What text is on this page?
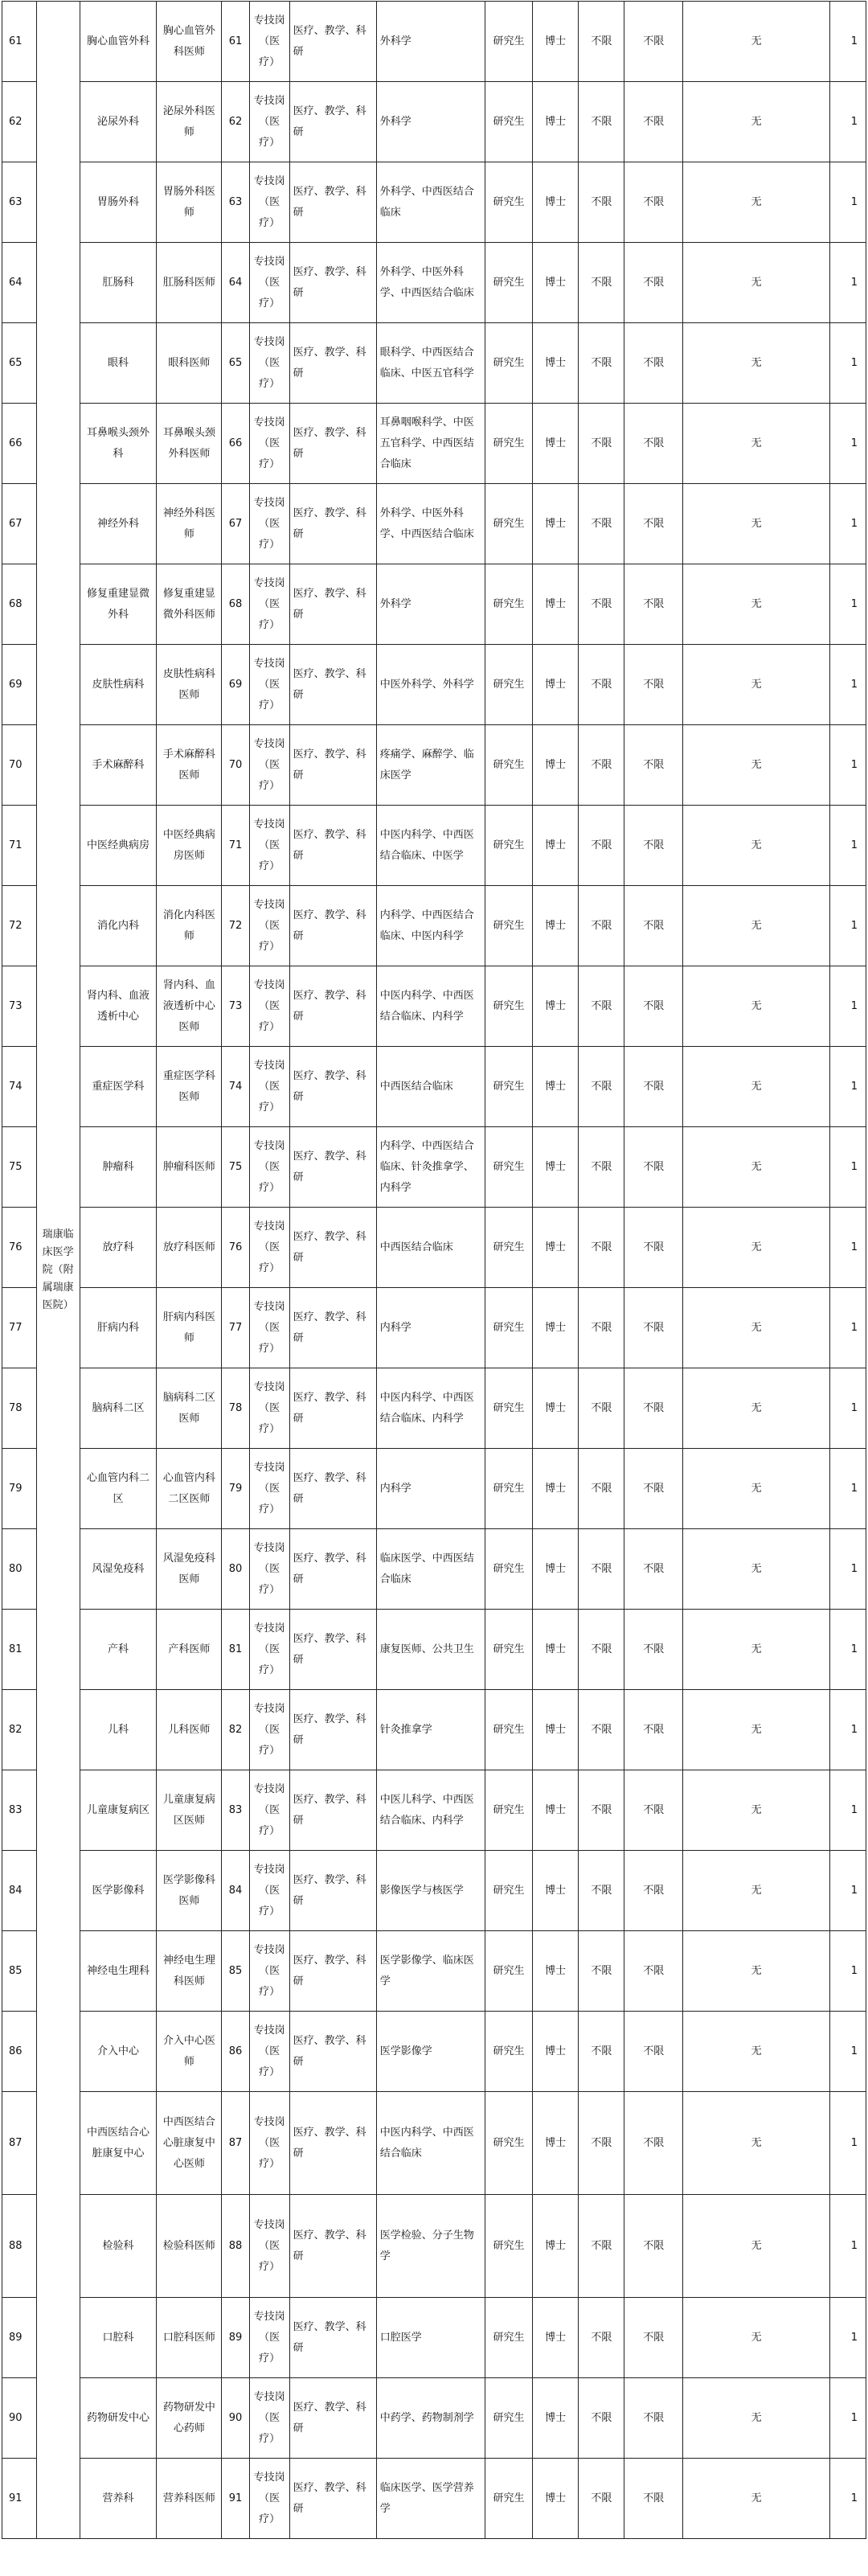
61	瑞康临床医学院（附属瑞康医院）	胸心血管外科	胸心血管外科医师	61	专技岗（医疗）	医疗、教学、科研	外科学	研究生	博士	不限	不限	无	1
62		泌尿外科	泌尿外科医师	62	专技岗（医疗）	医疗、教学、科研	外科学	研究生	博士	不限	不限	无	1
63		胃肠外科	胃肠外科医师	63	专技岗（医疗）	医疗、教学、科研	外科学、中西医结合临床	研究生	博士	不限	不限	无	1
64		肛肠科	肛肠科医师	64	专技岗（医疗）	医疗、教学、科研	外科学、中医外科学、中西医结合临床	研究生	博士	不限	不限	无	1
65		眼科	眼科医师	65	专技岗（医疗）	医疗、教学、科研	眼科学、中西医结合临床、中医五官科学	研究生	博士	不限	不限	无	1
66		耳鼻喉头颈外科	耳鼻喉头颈外科医师	66	专技岗（医疗）	医疗、教学、科研	耳鼻咽喉科学、中医五官科学、中西医结合临床	研究生	博士	不限	不限	无	1
67		神经外科	神经外科医师	67	专技岗（医疗）	医疗、教学、科研	外科学、中医外科学、中西医结合临床	研究生	博士	不限	不限	无	1
68		修复重建显微外科	修复重建显微外科医师	68	专技岗（医疗）	医疗、教学、科研	外科学	研究生	博士	不限	不限	无	1
69		皮肤性病科	皮肤性病科医师	69	专技岗（医疗）	医疗、教学、科研	中医外科学、外科学	研究生	博士	不限	不限	无	1
70		手术麻醉科	手术麻醉科医师	70	专技岗（医疗）	医疗、教学、科研	疼痛学、麻醉学、临床医学	研究生	博士	不限	不限	无	1
71		中医经典病房	中医经典病房医师	71	专技岗（医疗）	医疗、教学、科研	中医内科学、中西医结合临床、中医学	研究生	博士	不限	不限	无	1
72		消化内科	消化内科医师	72	专技岗（医疗）	医疗、教学、科研	内科学、中西医结合临床、中医内科学	研究生	博士	不限	不限	无	1
73		肾内科、血液透析中心	肾内科、血液透析中心医师	73	专技岗（医疗）	医疗、教学、科研	中医内科学、中西医结合临床、内科学	研究生	博士	不限	不限	无	1
74		重症医学科	重症医学科医师	74	专技岗（医疗）	医疗、教学、科研	中西医结合临床	研究生	博士	不限	不限	无	1
75		肿瘤科	肿瘤科医师	75	专技岗（医疗）	医疗、教学、科研	内科学、中西医结合临床、针灸推拿学、内科学	研究生	博士	不限	不限	无	1
76		放疗科	放疗科医师	76	专技岗（医疗）	医疗、教学、科研	中西医结合临床	研究生	博士	不限	不限	无	1
77		肝病内科	肝病内科医师	77	专技岗（医疗）	医疗、教学、科研	内科学	研究生	博士	不限	不限	无	1
78		脑病科二区	脑病科二区医师	78	专技岗（医疗）	医疗、教学、科研	中医内科学、中西医结合临床、内科学	研究生	博士	不限	不限	无	1
79		心血管内科二区	心血管内科二区医师	79	专技岗（医疗）	医疗、教学、科研	内科学	研究生	博士	不限	不限	无	1
80		风湿免疫科	风湿免疫科医师	80	专技岗（医疗）	医疗、教学、科研	临床医学、中西医结合临床	研究生	博士	不限	不限	无	1
81		产科	产科医师	81	专技岗（医疗）	医疗、教学、科研	康复医师、公共卫生	研究生	博士	不限	不限	无	1
82		儿科	儿科医师	82	专技岗（医疗）	医疗、教学、科研	针灸推拿学	研究生	博士	不限	不限	无	1
83		儿童康复病区	儿童康复病区医师	83	专技岗（医疗）	医疗、教学、科研	中医儿科学、中西医结合临床、内科学	研究生	博士	不限	不限	无	1
84		医学影像科	医学影像科医师	84	专技岗（医疗）	医疗、教学、科研	影像医学与核医学	研究生	博士	不限	不限	无	1
85		神经电生理科	神经电生理科医师	85	专技岗（医疗）	医疗、教学、科研	医学影像学、临床医学	研究生	博士	不限	不限	无	1
86		介入中心	介入中心医师	86	专技岗（医疗）	医疗、教学、科研	医学影像学	研究生	博士	不限	不限	无	1
87		中西医结合心脏康复中心	中西医结合心脏康复中心医师	87	专技岗（医疗）	医疗、教学、科研	中医内科学、中西医结合临床	研究生	博士	不限	不限	无	1
88		检验科	检验科医师	88	专技岗（医疗）	医疗、教学、科研	医学检验、分子生物学	研究生	博士	不限	不限	无	1
89		口腔科	口腔科医师	89	专技岗（医疗）	医疗、教学、科研	口腔医学	研究生	博士	不限	不限	无	1
90		药物研发中心	药物研发中心药师	90	专技岗（医疗）	医疗、教学、科研	中药学、药物制剂学	研究生	博士	不限	不限	无	1
91		营养科	营养科医师	91	专技岗（医疗）	医疗、教学、科研	临床医学、医学营养学	研究生	博士	不限	不限	无	1
